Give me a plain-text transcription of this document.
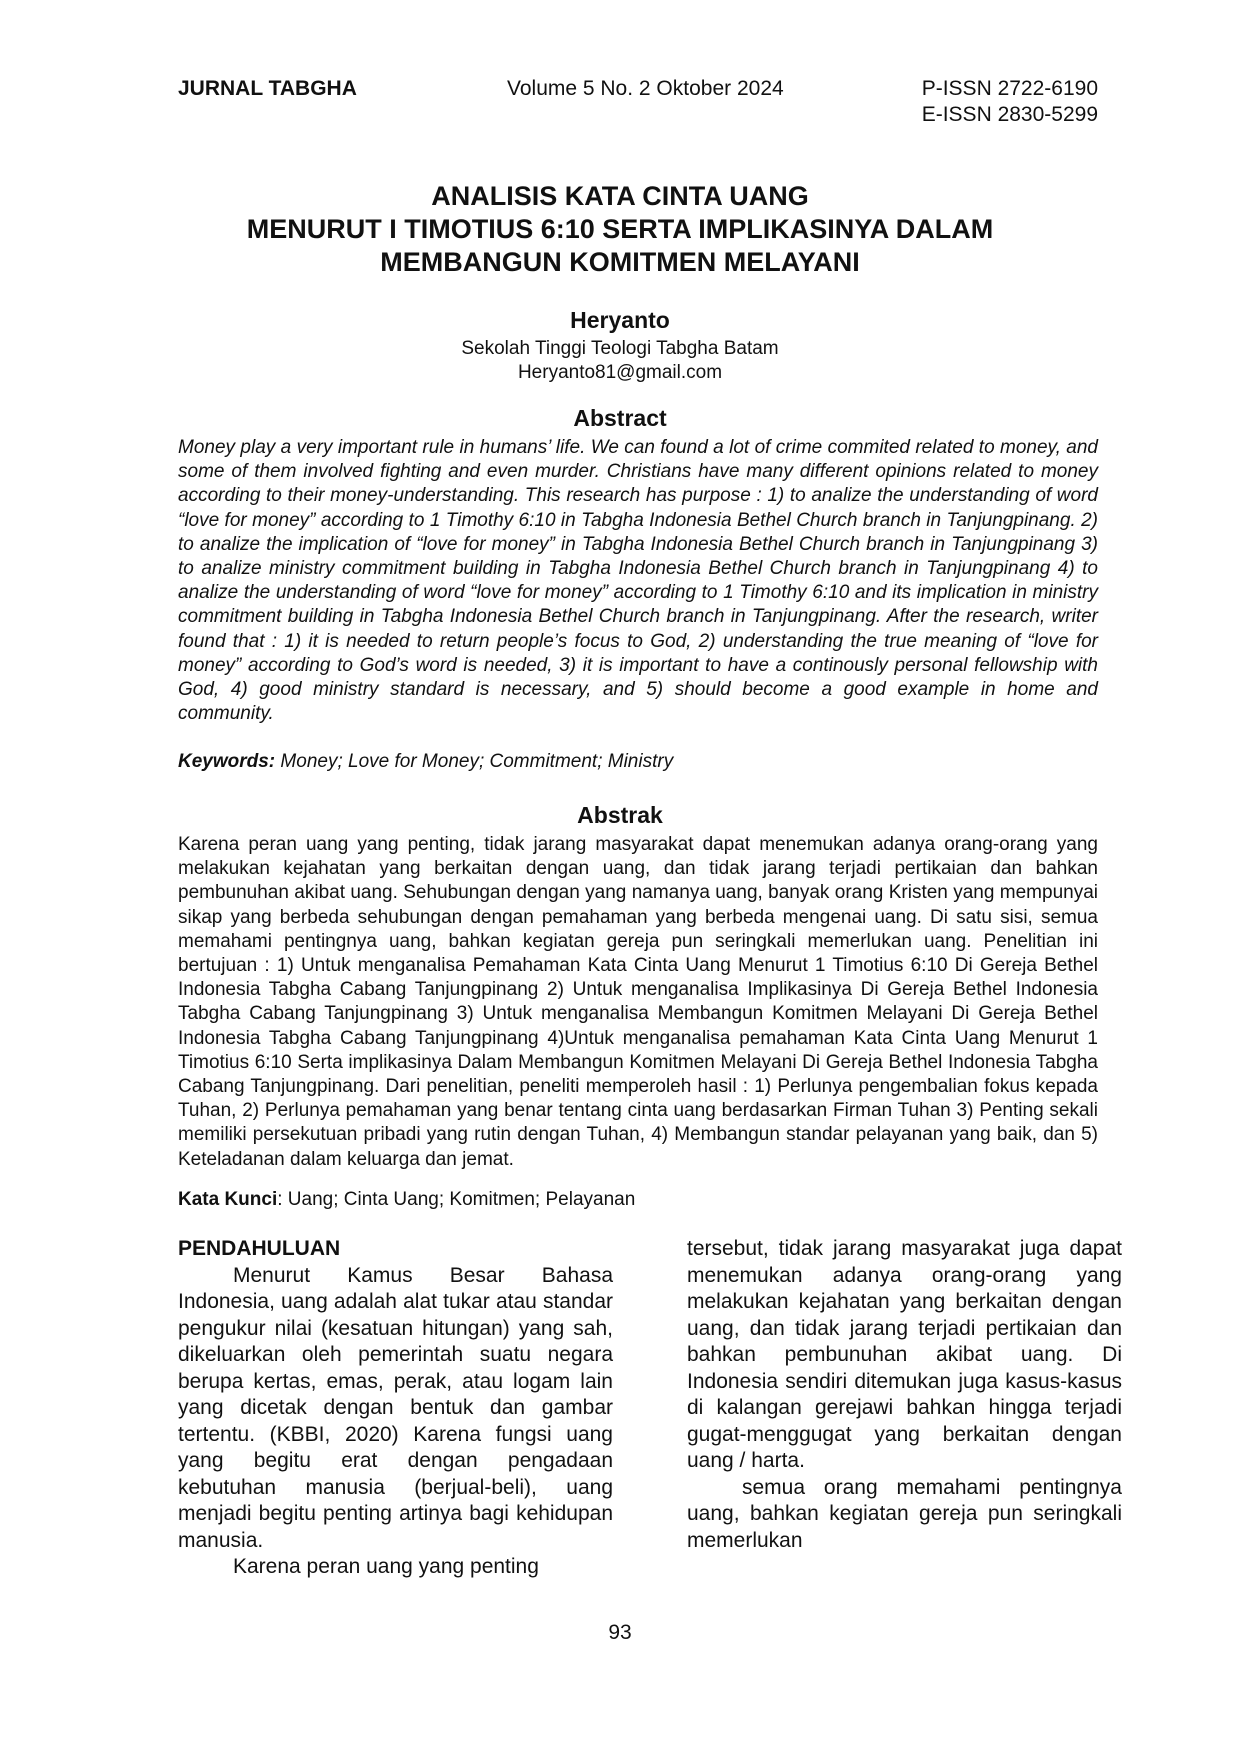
JURNAL TABGHA	Volume 5 No. 2 Oktober 2024	P-ISSN 2722-6190
E-ISSN 2830-5299
ANALISIS KATA CINTA UANG
MENURUT I TIMOTIUS 6:10 SERTA IMPLIKASINYA DALAM
MEMBANGUN KOMITMEN MELAYANI
Heryanto
Sekolah Tinggi Teologi Tabgha Batam
Heryanto81@gmail.com
Abstract
Money play a very important rule in humans’ life. We can found a lot of crime commited related to money, and some of them involved fighting and even murder. Christians have many different opinions related to money according to their money-understanding. This research has purpose : 1) to analize the understanding of word “love for money” according to 1 Timothy 6:10 in Tabgha Indonesia Bethel Church branch in Tanjungpinang. 2) to analize the implication of “love for money” in Tabgha Indonesia Bethel Church branch in Tanjungpinang 3) to analize ministry commitment building in Tabgha Indonesia Bethel Church branch in Tanjungpinang 4) to analize the understanding of word “love for money” according to 1 Timothy 6:10 and its implication in ministry commitment building in Tabgha Indonesia Bethel Church branch in Tanjungpinang. After the research, writer found that : 1) it is needed to return people’s focus to God, 2) understanding the true meaning of “love for money” according to God’s word is needed, 3) it is important to have a continously personal fellowship with God, 4) good ministry standard is necessary, and 5) should become a good example in home and community.
Keywords: Money; Love for Money; Commitment; Ministry
Abstrak
Karena peran uang yang penting, tidak jarang masyarakat dapat menemukan adanya orang-orang yang melakukan kejahatan yang berkaitan dengan uang, dan tidak jarang terjadi pertikaian dan bahkan pembunuhan akibat uang. Sehubungan dengan yang namanya uang, banyak orang Kristen yang mempunyai sikap yang berbeda sehubungan dengan pemahaman yang berbeda mengenai uang. Di satu sisi, semua memahami pentingnya uang, bahkan kegiatan gereja pun seringkali memerlukan uang. Penelitian ini bertujuan : 1) Untuk menganalisa Pemahaman Kata Cinta Uang Menurut 1 Timotius 6:10 Di Gereja Bethel Indonesia Tabgha Cabang Tanjungpinang 2) Untuk menganalisa Implikasinya Di Gereja Bethel Indonesia Tabgha Cabang Tanjungpinang 3) Untuk menganalisa Membangun Komitmen Melayani Di Gereja Bethel Indonesia Tabgha Cabang Tanjungpinang 4)Untuk menganalisa pemahaman Kata Cinta Uang Menurut 1 Timotius 6:10 Serta implikasinya Dalam Membangun Komitmen Melayani Di Gereja Bethel Indonesia Tabgha Cabang Tanjungpinang. Dari penelitian, peneliti memperoleh hasil : 1) Perlunya pengembalian fokus kepada Tuhan, 2) Perlunya pemahaman yang benar tentang cinta uang berdasarkan Firman Tuhan 3) Penting sekali memiliki persekutuan pribadi yang rutin dengan Tuhan, 4) Membangun standar pelayanan yang baik, dan 5) Keteladanan dalam keluarga dan jemat.
Kata Kunci: Uang; Cinta Uang; Komitmen; Pelayanan
PENDAHULUAN

Menurut Kamus Besar Bahasa Indonesia, uang adalah alat tukar atau standar pengukur nilai (kesatuan hitungan) yang sah, dikeluarkan oleh pemerintah suatu negara berupa kertas, emas, perak, atau logam lain yang dicetak dengan bentuk dan gambar tertentu. (KBBI, 2020) Karena fungsi uang yang begitu erat dengan pengadaan kebutuhan manusia (berjual-beli), uang menjadi begitu penting artinya bagi kehidupan manusia.

Karena peran uang yang penting

tersebut, tidak jarang masyarakat juga dapat menemukan adanya orang-orang yang melakukan kejahatan yang berkaitan dengan uang, dan tidak jarang terjadi pertikaian dan bahkan pembunuhan akibat uang. Di Indonesia sendiri ditemukan juga kasus-kasus di kalangan gerejawi bahkan hingga terjadi gugat-menggugat yang berkaitan dengan uang / harta.

semua orang memahami pentingnya uang, bahkan kegiatan gereja pun seringkali memerlukan

93
